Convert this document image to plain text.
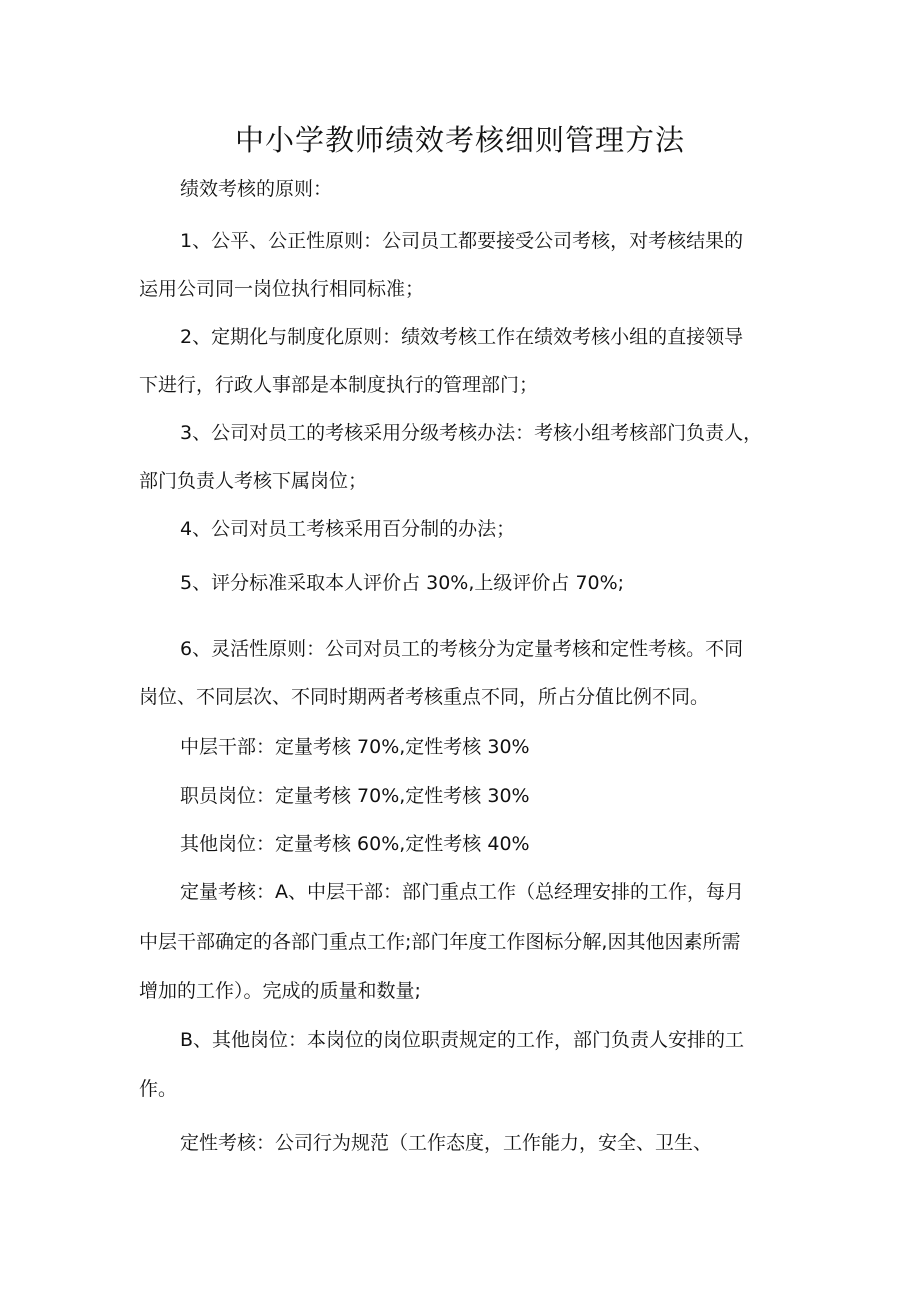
中小学教师绩效考核细则管理方法

绩效考核的原则：

1、公平、公正性原则：公司员工都要接受公司考核，对考核结果的

运用公司同一岗位执行相同标准；

2、定期化与制度化原则：绩效考核工作在绩效考核小组的直接领导

下进行，行政人事部是本制度执行的管理部门；

3、公司对员工的考核采用分级考核办法：考核小组考核部门负责人，

部门负责人考核下属岗位；

4、公司对员工考核采用百分制的办法；

5、评分标准采取本人评价占 30%,上级评价占 70%;

6、灵活性原则：公司对员工的考核分为定量考核和定性考核。不同

岗位、不同层次、不同时期两者考核重点不同，所占分值比例不同。

中层干部：定量考核 70%,定性考核 30%

职员岗位：定量考核 70%,定性考核 30%

其他岗位：定量考核 60%,定性考核 40%

定量考核：A、中层干部：部门重点工作（总经理安排的工作，每月

中层干部确定的各部门重点工作;部门年度工作图标分解,因其他因素所需

增加的工作）。完成的质量和数量;

B、其他岗位：本岗位的岗位职责规定的工作，部门负责人安排的工

作。

定性考核：公司行为规范（工作态度，工作能力，安全、卫生、
